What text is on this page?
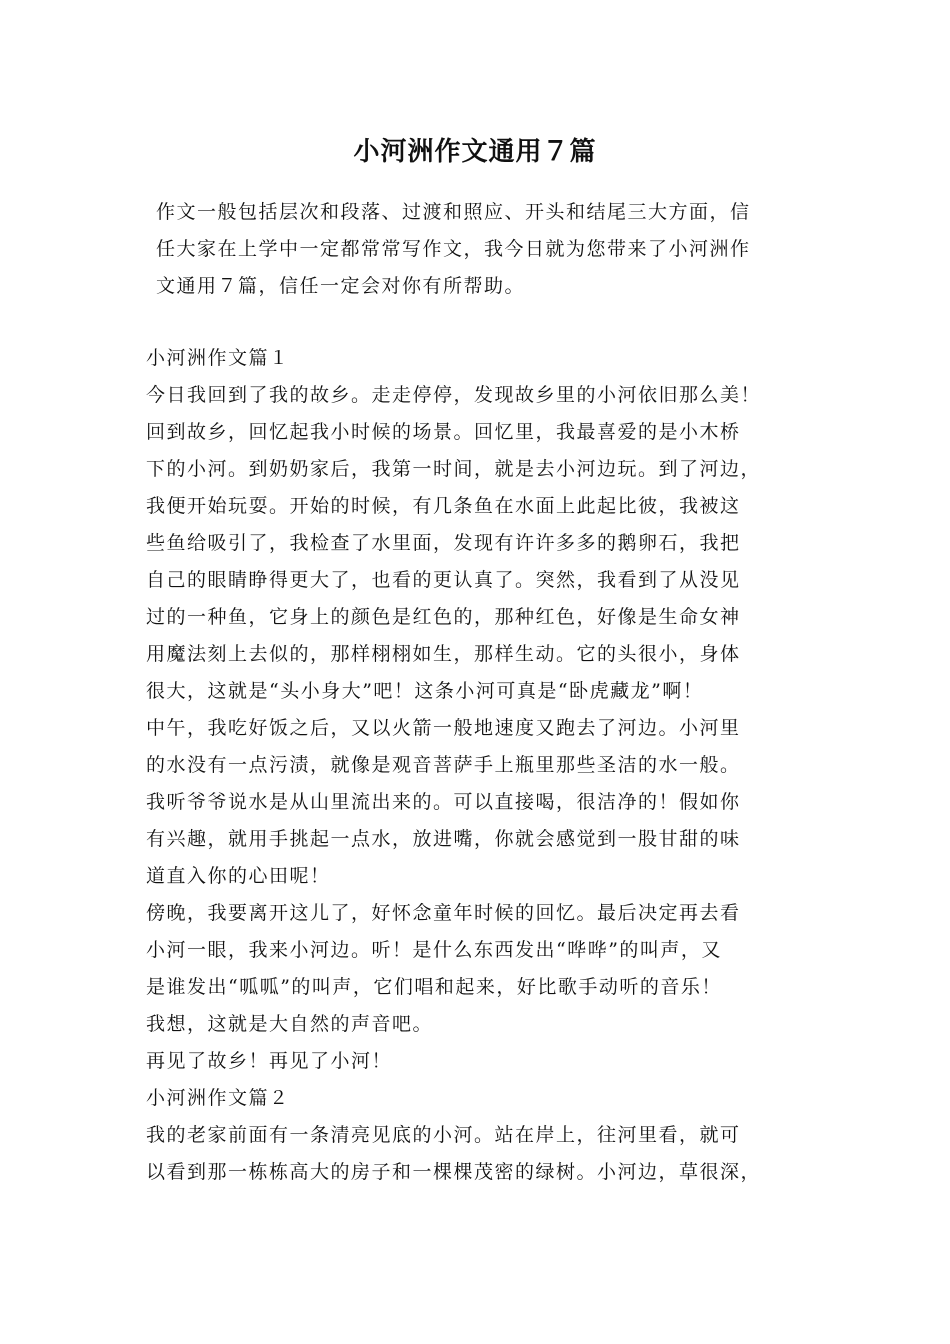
小河洲作文通用７篇
作文一般包括层次和段落、过渡和照应、开头和结尾三大方面，信
任大家在上学中一定都常常写作文，我今日就为您带来了小河洲作
文通用７篇，信任一定会对你有所帮助。
小河洲作文篇１
今日我回到了我的故乡。走走停停，发现故乡里的小河依旧那么美！
回到故乡，回忆起我小时候的场景。回忆里，我最喜爱的是小木桥
下的小河。到奶奶家后，我第一时间，就是去小河边玩。到了河边，
我便开始玩耍。开始的时候，有几条鱼在水面上此起比彼，我被这
些鱼给吸引了，我检查了水里面，发现有许许多多的鹅卵石，我把
自己的眼睛睁得更大了，也看的更认真了。突然，我看到了从没见
过的一种鱼，它身上的颜色是红色的，那种红色，好像是生命女神
用魔法刻上去似的，那样栩栩如生，那样生动。它的头很小，身体
很大，这就是“头小身大”吧！这条小河可真是“卧虎藏龙”啊！
中午，我吃好饭之后，又以火箭一般地速度又跑去了河边。小河里
的水没有一点污渍，就像是观音菩萨手上瓶里那些圣洁的水一般。
我听爷爷说水是从山里流出来的。可以直接喝，很洁净的！假如你
有兴趣，就用手挑起一点水，放进嘴，你就会感觉到一股甘甜的味
道直入你的心田呢！
傍晚，我要离开这儿了，好怀念童年时候的回忆。最后决定再去看
小河一眼，我来小河边。听！是什么东西发出“哗哗”的叫声，又
是谁发出“呱呱”的叫声，它们唱和起来，好比歌手动听的音乐！
我想，这就是大自然的声音吧。
再见了故乡！再见了小河！
小河洲作文篇２
我的老家前面有一条清亮见底的小河。站在岸上，往河里看，就可
以看到那一栋栋高大的房子和一棵棵茂密的绿树。小河边，草很深，
